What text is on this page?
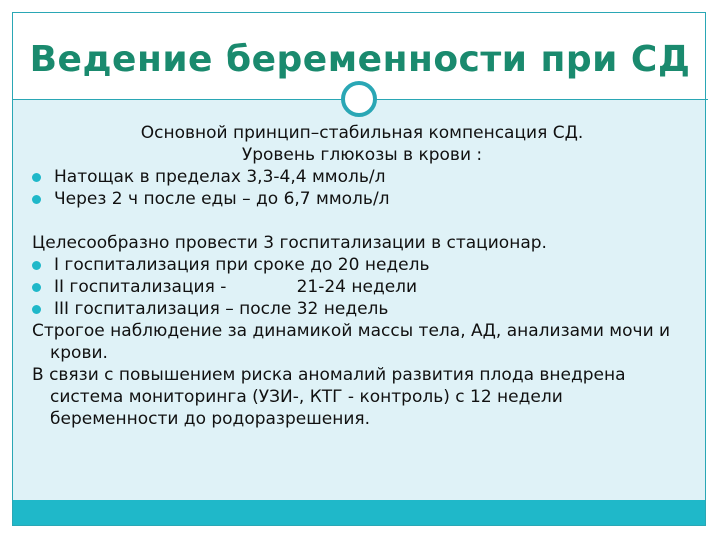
Ведение беременности при СД
Основной принцип–стабильная компенсация СД.
Уровень глюкозы в крови :
Натощак в пределах 3,3-4,4 ммоль/л
Через 2 ч после еды – до 6,7 ммоль/л
Целесообразно провести 3 госпитализации в стационар.
I госпитализация при сроке до 20 недель
II госпитализация -             21-24 недели
III госпитализация – после 32 недель
Строгое наблюдение за динамикой массы тела, АД, анализами мочи и крови.
В связи с повышением риска аномалий развития плода внедрена система мониторинга (УЗИ-, КТГ - контроль) с 12 недели беременности до родоразрешения.
